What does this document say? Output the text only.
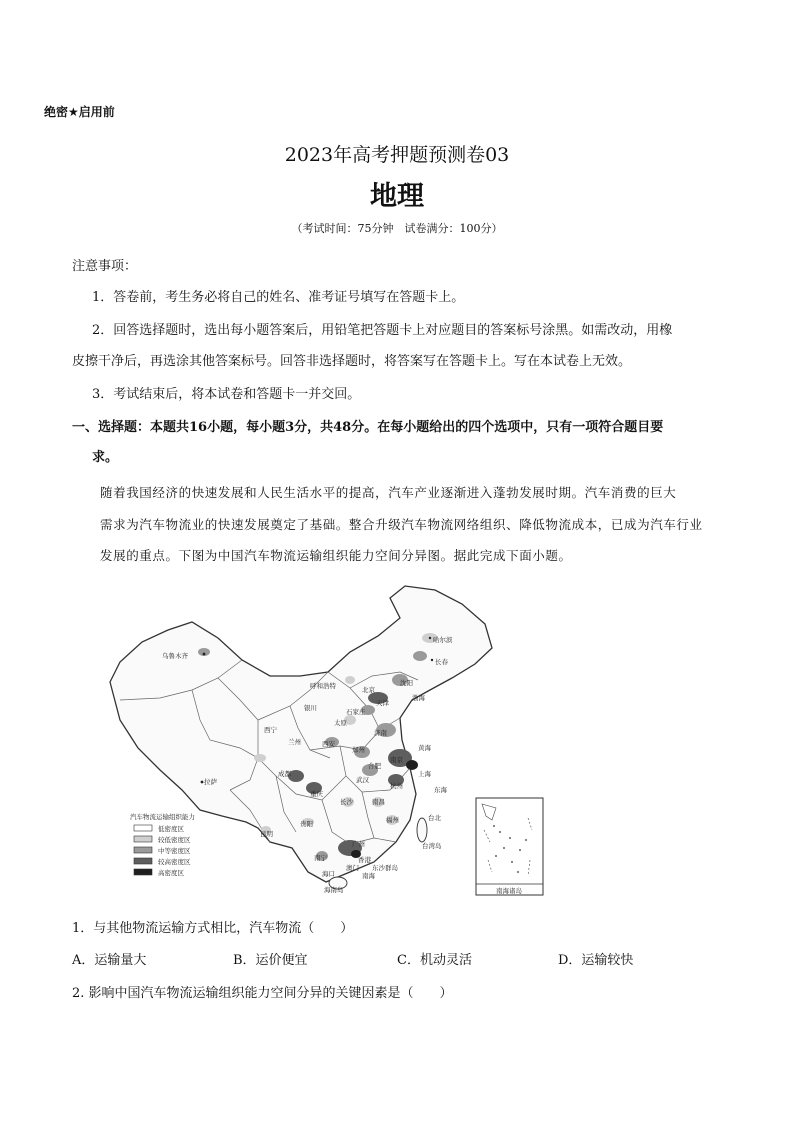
绝密★启用前
2023年高考押题预测卷03
地理
（考试时间：75分钟　试卷满分：100分）
注意事项：
1．答卷前，考生务必将自己的姓名、准考证号填写在答题卡上。
2．回答选择题时，选出每小题答案后，用铅笔把答题卡上对应题目的答案标号涂黑。如需改动，用橡
皮擦干净后，再选涂其他答案标号。回答非选择题时，将答案写在答题卡上。写在本试卷上无效。
3．考试结束后，将本试卷和答题卡一并交回。
一、选择题：本题共16小题，每小题3分，共48分。在每小题给出的四个选项中，只有一项符合题目要
求。
随着我国经济的快速发展和人民生活水平的提高，汽车产业逐渐进入蓬勃发展时期。汽车消费的巨大
需求为汽车物流业的快速发展奠定了基础。整合升级汽车物流网络组织、降低物流成本，已成为汽车行业
发展的重点。下图为中国汽车物流运输组织能力空间分异图。据此完成下面小题。
乌鲁木齐
哈尔滨
长春
沈阳
呼和浩特	北京
天津
石家庄
银川
太原
济南
西宁
兰州	西安
郑州
合肥
南京
上海
拉萨
成都
武汉
杭州
重庆
长沙	南昌
福州
贵阳
昆明
广州
南宁	香港
澳门
海口
台北
渤海
黄海
东海
南海
台湾岛
海南岛
东沙群岛
汽车物流运输组织能力
低密度区
较低密度区
中等密度区
较高密度区
高密度区
南海诸岛
1．与其他物流运输方式相比，汽车物流（　　）
A．运输量大	B．运价便宜	C．机动灵活	D．运输较快
2. 影响中国汽车物流运输组织能力空间分异的关键因素是（　　）
